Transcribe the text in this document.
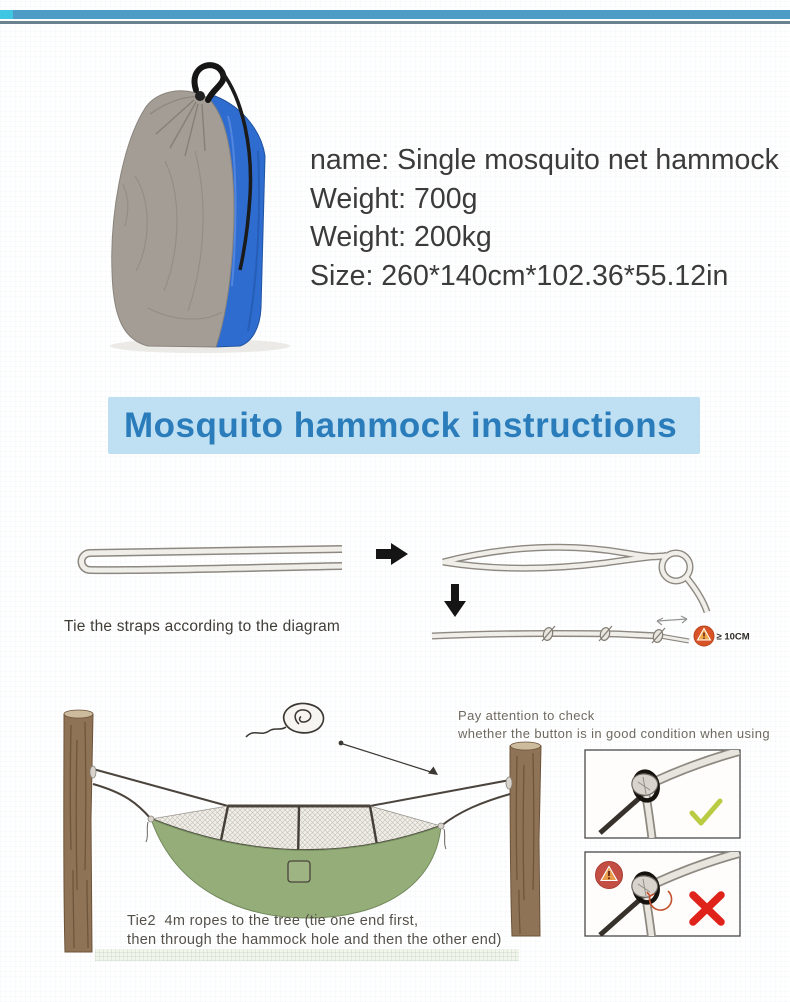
name: Single mosquito net hammock
Weight: 700g
Weight: 200kg
Size: 260*140cm*102.36*55.12in
Mosquito hammock instructions
≥ 10CM
Tie the straps according to the diagram
Pay attention to check
whether the button is in good condition when using
Tie2  4m ropes to the tree (tie one end first,
then through the hammock hole and then the other end)
